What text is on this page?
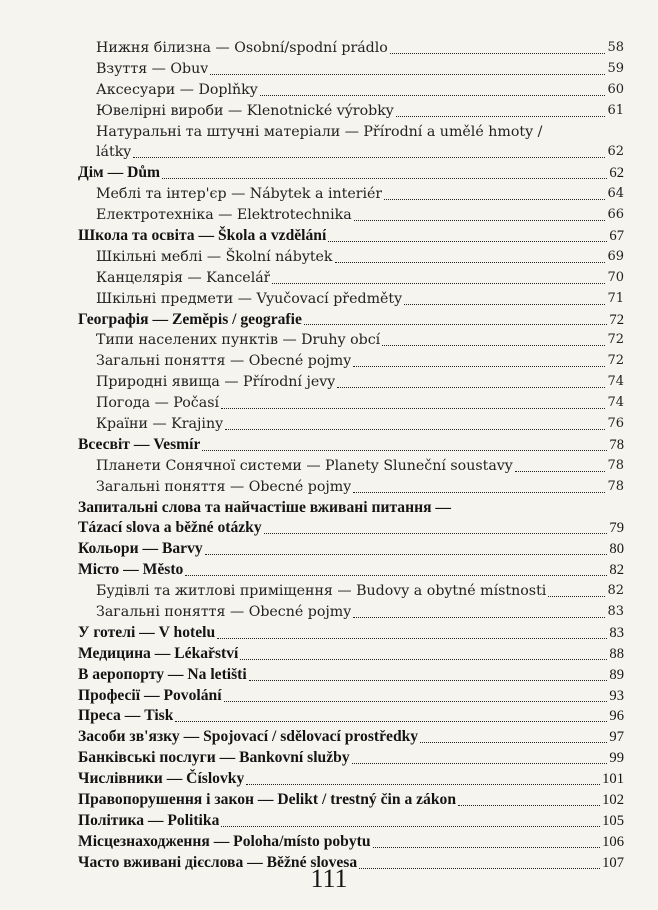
Нижня білизна — Osobní/spodní prádlo	58
Взуття — Obuv	59
Аксесуари — Doplňky	60
Ювелірні вироби — Klenotnické výrobky	61
Натуральні та штучні матеріали — Přírodní a umělé hmoty /
látky	62
Дім — Dům	62
Меблі та інтер'єр — Nábytek a interiér	64
Електротехніка — Elektrotechnika	66
Школа та освіта — Škola a vzdělání	67
Шкільні меблі — Školní nábytek	69
Канцелярія — Kancelář	70
Шкільні предмети — Vyučovací předměty	71
Географія — Zeměpis / geografie	72
Типи населених пунктів — Druhy obcí	72
Загальні поняття — Obecné pojmy	72
Природні явища — Přírodní jevy	74
Погода — Počasí	74
Країни — Krajiny	76
Всесвіт — Vesmír	78
Планети Сонячної системи — Planety Sluneční soustavy	78
Загальні поняття — Obecné pojmy	78
Запитальні слова та найчастіше вживані питання —
Tázací slova a běžné otázky	79
Кольори — Barvy	80
Місто — Město	82
Будівлі та житлові приміщення — Budovy a obytné místnosti	82
Загальні поняття — Obecné pojmy	83
У готелі — V hotelu	83
Медицина — Lékařství	88
В аеропорту — Na letišti	89
Професії — Povolání	93
Преса — Tisk	96
Засоби зв'язку — Spojovací / sdělovací prostředky	97
Банківські послуги — Bankovní služby	99
Числівники — Číslovky	101
Правопорушення і закон — Delikt / trestný čin a zákon	102
Політика — Politika	105
Місцезнаходження — Poloha/místo pobytu	106
Часто вживані дієслова — Běžné slovesa	107
111
